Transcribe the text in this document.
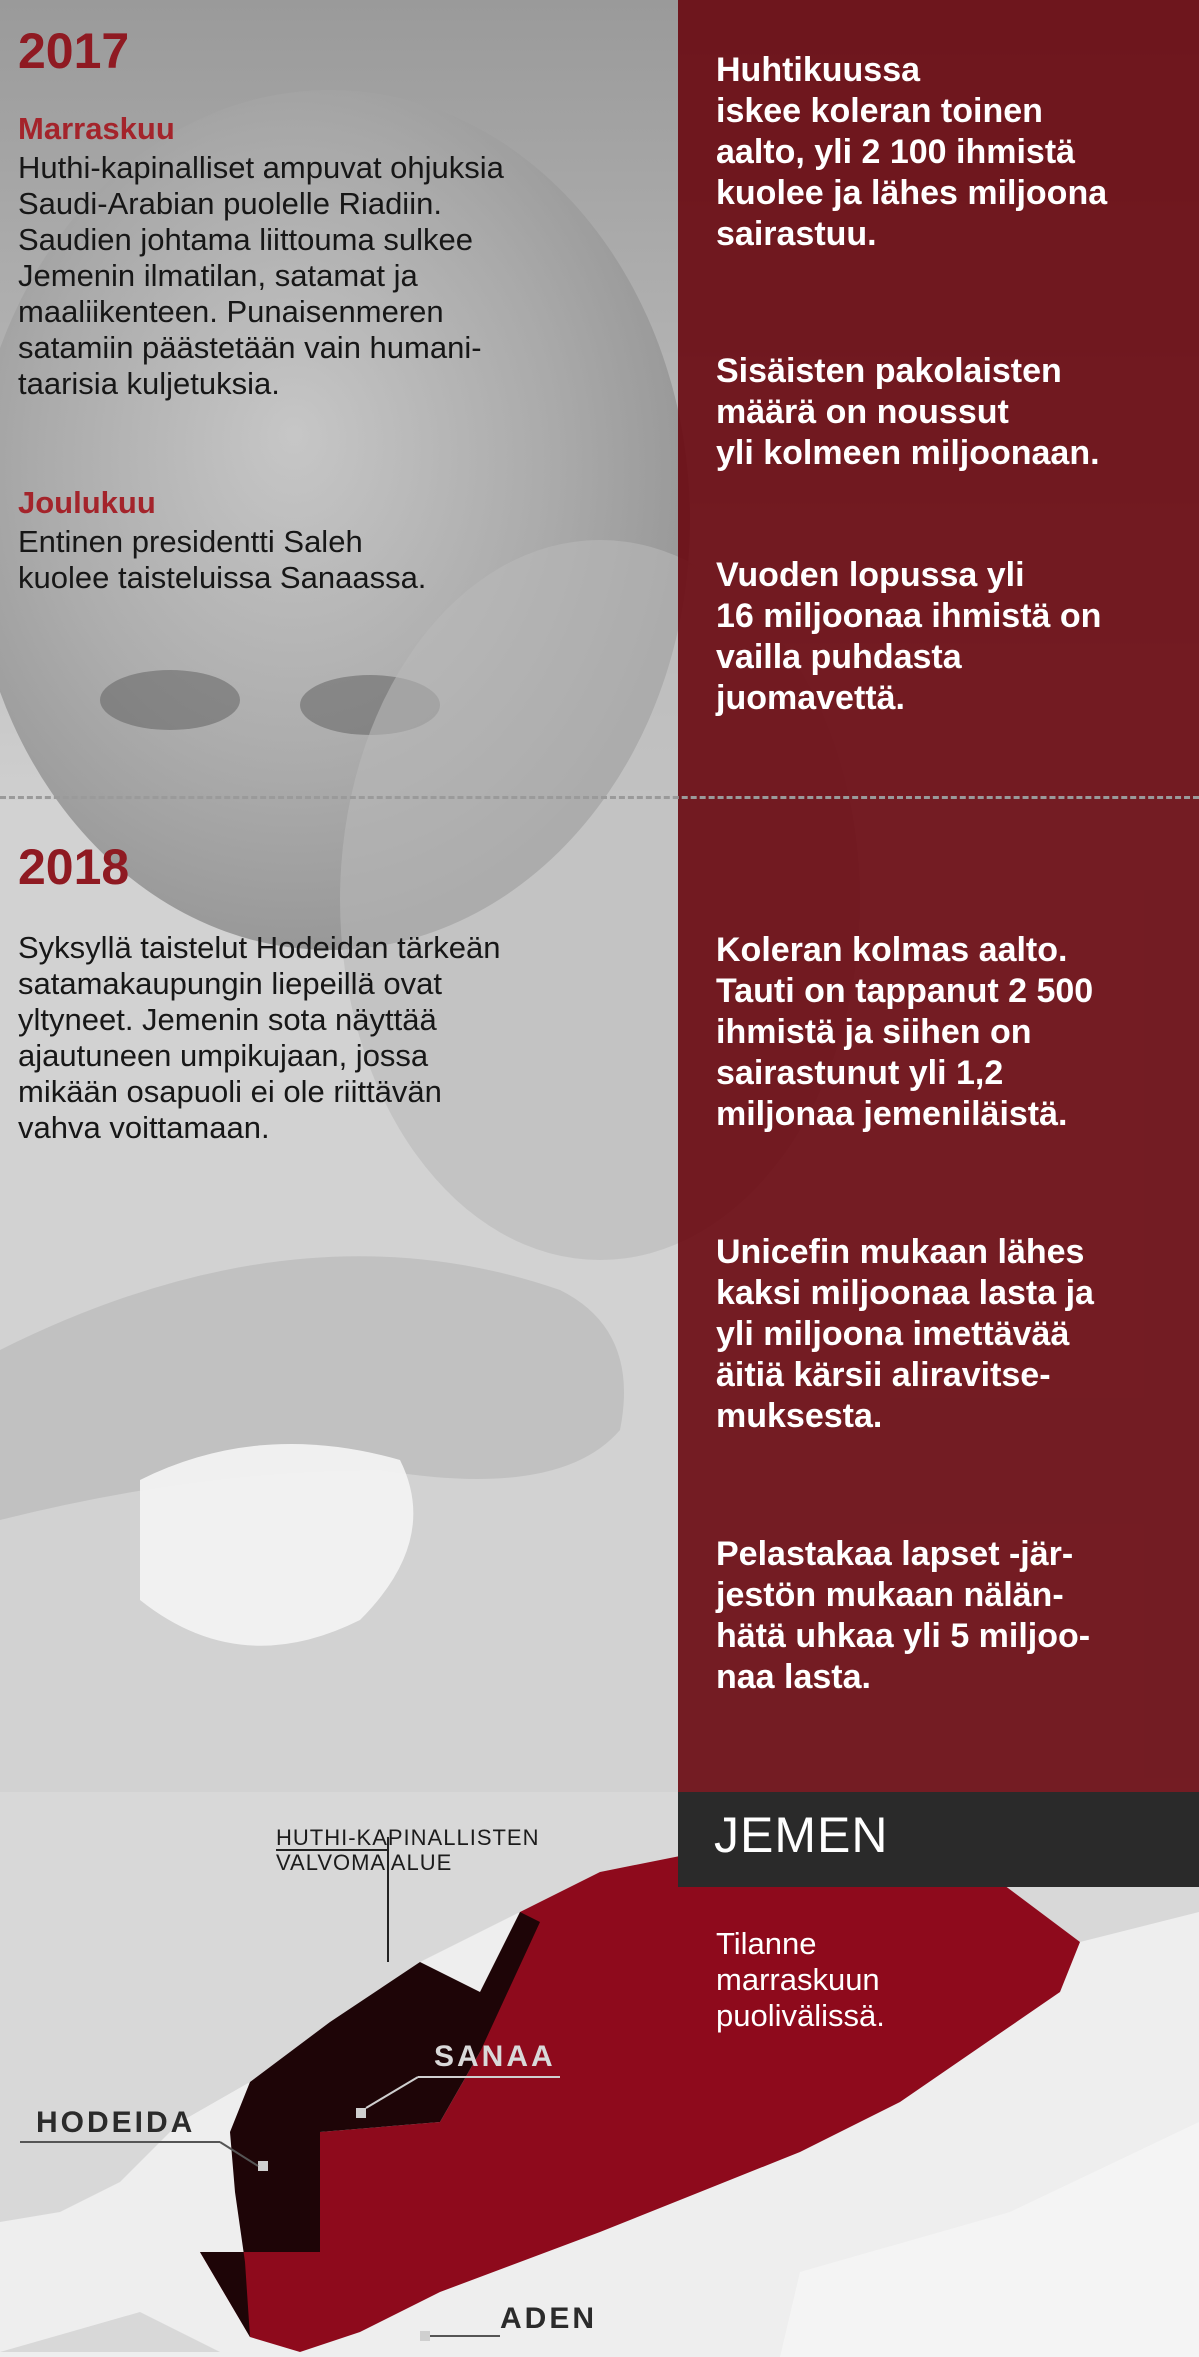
2017
Marraskuu

Huthi-kapinalliset ampuvat ohjuksia
Saudi-Arabian puolelle Riadiin.
Saudien johtama liittouma sulkee
Jemenin ilmatilan, satamat ja
maaliikenteen. Punaisenmeren
satamiin päästetään vain humani-
taarisia kuljetuksia.

Joulukuu

Entinen presidentti Saleh
kuolee taisteluissa Sanaassa.

Huhtikuussa
iskee koleran toinen
aalto, yli 2 100 ihmistä
kuolee ja lähes miljoona
sairastuu.

Sisäisten pakolaisten
määrä on noussut
yli kolmeen miljoonaan.

Vuoden lopussa yli
16 miljoonaa ihmistä on
vailla puhdasta
juomavettä.

2018

Syksyllä taistelut Hodeidan tärkeän
satamakaupungin liepeillä ovat
yltyneet. Jemenin sota näyttää
ajautuneen umpikujaan, jossa
mikään osapuoli ei ole riittävän
vahva voittamaan.

Koleran kolmas aalto.
Tauti on tappanut 2 500
ihmistä ja siihen on
sairastunut yli 1,2
miljonaa jemeniläistä.

Unicefin mukaan lähes
kaksi miljoonaa lasta ja
yli miljoona imettävää
äitiä kärsii aliravitse-
muksesta.

Pelastakaa lapset -jär-
jestön mukaan nälän-
hätä uhkaa yli 5 miljoo-
naa lasta.

JEMEN

Tilanne
marraskuun
puolivälissä.

HUTHI-KAPINALLISTEN
VALVOMA ALUE

SANAA
HODEIDA
ADEN
